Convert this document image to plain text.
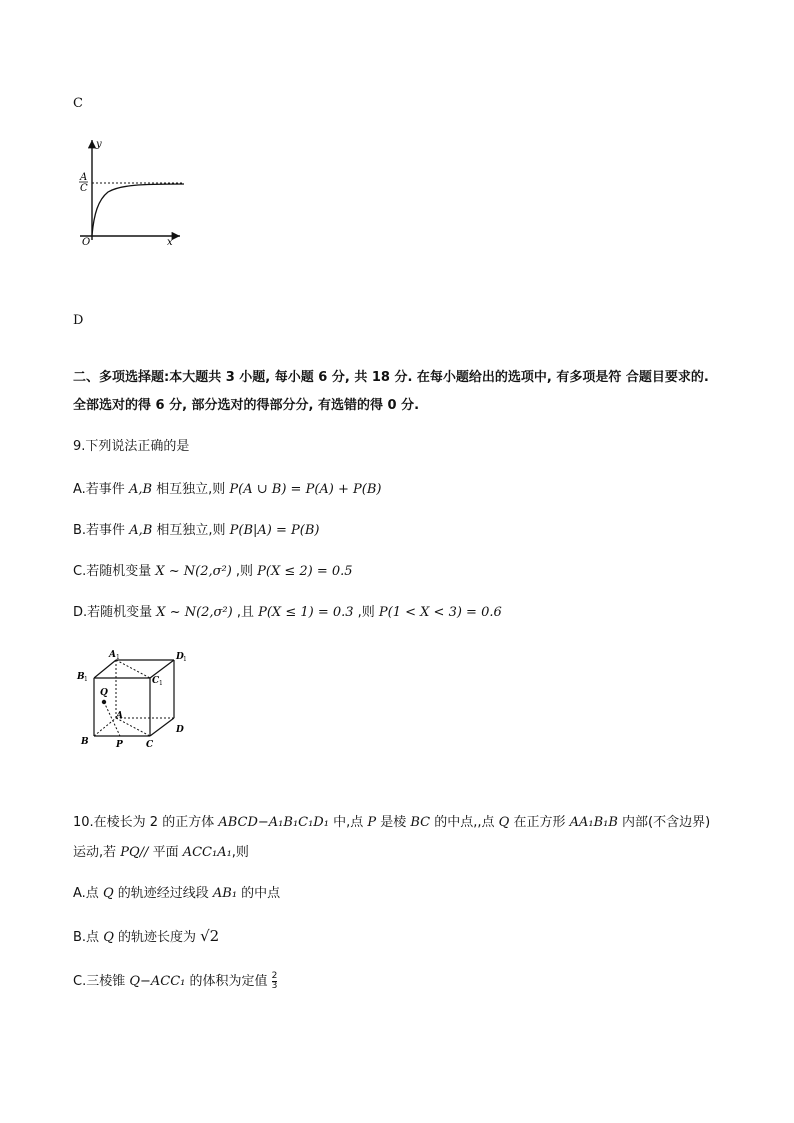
C
y
x
O
A
C
D
二、多项选择题:本大题共 3 小题, 每小题 6 分, 共 18 分. 在每小题给出的选项中, 有多项是符 合题目要求的.
全部选对的得 6 分, 部分选对的得部分分, 有选错的得 0 分.
9.下列说法正确的是
A.若事件 A,B 相互独立,则 P(A ∪ B) = P(A) + P(B)
B.若事件 A,B 相互独立,则 P(B|A) = P(B)
C.若随机变量 X ~ N(2,σ²) ,则 P(X ≤ 2) = 0.5
D.若随机变量 X ~ N(2,σ²) ,且 P(X ≤ 1) = 0.3 ,则 P(1 < X < 3) = 0.6
A 1	D 1
B 1	C 1
Q
A
B	P	C
D
10.在棱长为 2 的正方体 ABCD−A₁B₁C₁D₁ 中,点 P 是棱 BC 的中点,,点 Q 在正方形 AA₁B₁B 内部(不含边界)
运动,若 PQ// 平面 ACC₁A₁,则
A.点 Q 的轨迹经过线段 AB₁ 的中点
B.点 Q 的轨迹长度为 √2
C.三棱锥 Q−ACC₁ 的体积为定值 $\frac{2}{3}$
